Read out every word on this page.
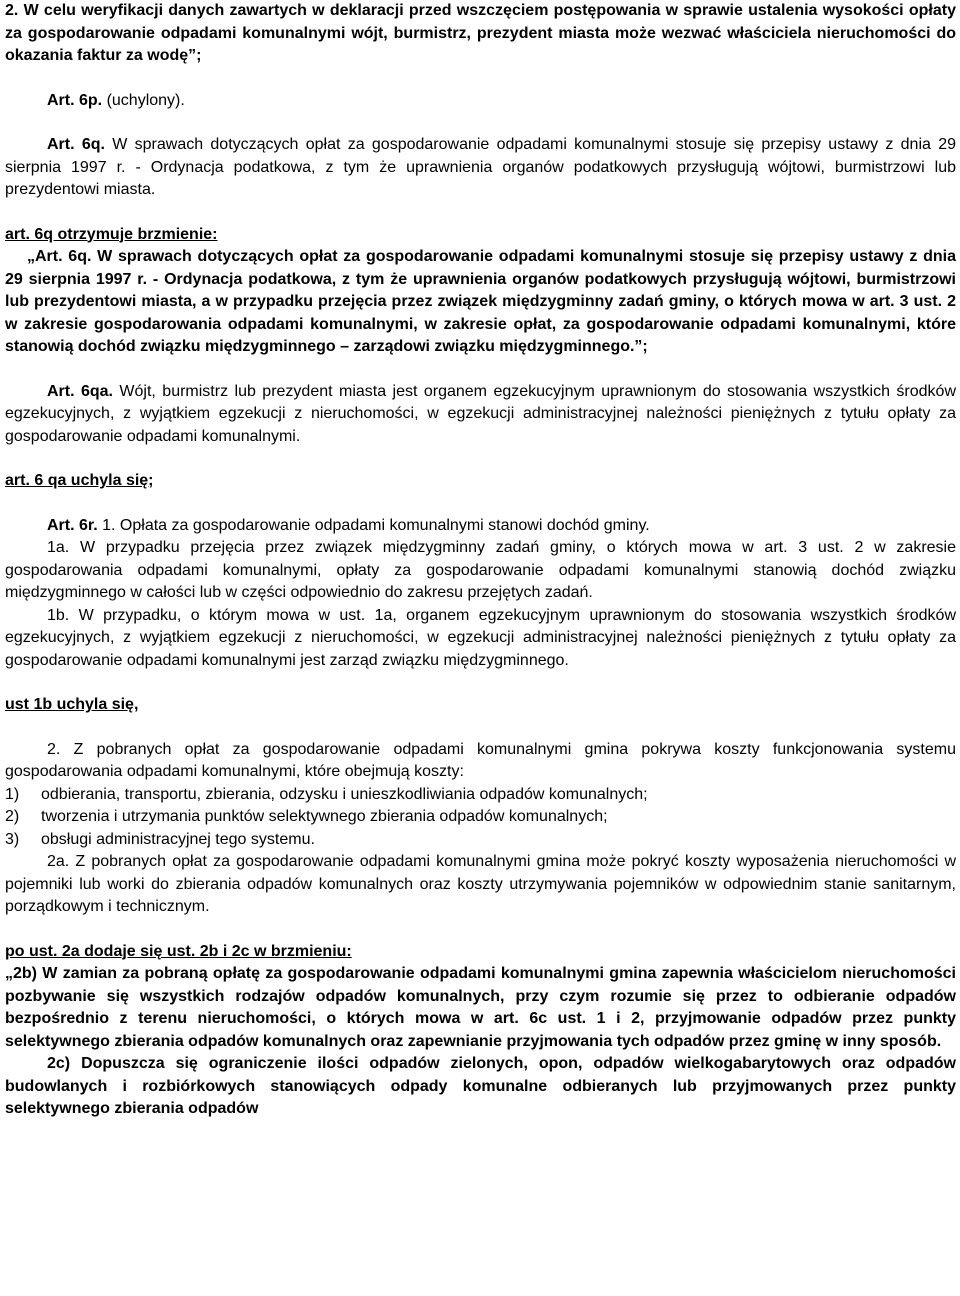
2. W celu weryfikacji danych zawartych w deklaracji przed wszczęciem postępowania w sprawie ustalenia wysokości opłaty za gospodarowanie odpadami komunalnymi wójt, burmistrz, prezydent miasta może wezwać właściciela nieruchomości do okazania faktur za wodę”;

Art. 6p. (uchylony).

Art. 6q. W sprawach dotyczących opłat za gospodarowanie odpadami komunalnymi stosuje się przepisy ustawy z dnia 29 sierpnia 1997 r. - Ordynacja podatkowa, z tym że uprawnienia organów podatkowych przysługują wójtowi, burmistrzowi lub prezydentowi miasta.

art. 6q otrzymuje brzmienie:

„Art. 6q. W sprawach dotyczących opłat za gospodarowanie odpadami komunalnymi stosuje się przepisy ustawy z dnia 29 sierpnia 1997 r. - Ordynacja podatkowa, z tym że uprawnienia organów podatkowych przysługują wójtowi, burmistrzowi lub prezydentowi miasta, a w przypadku przejęcia przez związek międzygminny zadań gminy, o których mowa w art. 3 ust. 2 w zakresie gospodarowania odpadami komunalnymi, w zakresie opłat, za gospodarowanie odpadami komunalnymi, które stanowią dochód związku międzygminnego – zarządowi związku międzygminnego.”;

Art. 6qa. Wójt, burmistrz lub prezydent miasta jest organem egzekucyjnym uprawnionym do stosowania wszystkich środków egzekucyjnych, z wyjątkiem egzekucji z nieruchomości, w egzekucji administracyjnej należności pieniężnych z tytułu opłaty za gospodarowanie odpadami komunalnymi.

art. 6 qa uchyla się;

Art. 6r. 1. Opłata za gospodarowanie odpadami komunalnymi stanowi dochód gminy.

1a. W przypadku przejęcia przez związek międzygminny zadań gminy, o których mowa w art. 3 ust. 2 w zakresie gospodarowania odpadami komunalnymi, opłaty za gospodarowanie odpadami komunalnymi stanowią dochód związku międzygminnego w całości lub w części odpowiednio do zakresu przejętych zadań.

1b. W przypadku, o którym mowa w ust. 1a, organem egzekucyjnym uprawnionym do stosowania wszystkich środków egzekucyjnych, z wyjątkiem egzekucji z nieruchomości, w egzekucji administracyjnej należności pieniężnych z tytułu opłaty za gospodarowanie odpadami komunalnymi jest zarząd związku międzygminnego.

ust 1b uchyla się,

2. Z pobranych opłat za gospodarowanie odpadami komunalnymi gmina pokrywa koszty funkcjonowania systemu gospodarowania odpadami komunalnymi, które obejmują koszty:

1) odbierania, transportu, zbierania, odzysku i unieszkodliwiania odpadów komunalnych;

2) tworzenia i utrzymania punktów selektywnego zbierania odpadów komunalnych;

3) obsługi administracyjnej tego systemu.

2a. Z pobranych opłat za gospodarowanie odpadami komunalnymi gmina może pokryć koszty wyposażenia nieruchomości w pojemniki lub worki do zbierania odpadów komunalnych oraz koszty utrzymywania pojemników w odpowiednim stanie sanitarnym, porządkowym i technicznym.

po ust. 2a dodaje się ust. 2b i 2c w brzmieniu:

„2b) W zamian za pobraną opłatę za gospodarowanie odpadami komunalnymi gmina zapewnia właścicielom nieruchomości pozbywanie się wszystkich rodzajów odpadów komunalnych, przy czym rozumie się przez to odbieranie odpadów bezpośrednio z terenu nieruchomości, o których mowa w art. 6c ust. 1 i 2, przyjmowanie odpadów przez punkty selektywnego zbierania odpadów komunalnych oraz zapewnianie przyjmowania tych odpadów przez gminę w inny sposób.

2c) Dopuszcza się ograniczenie ilości odpadów zielonych, opon, odpadów wielkogabarytowych oraz odpadów budowlanych i rozbiórkowych stanowiących odpady komunalne odbieranych lub przyjmowanych przez punkty selektywnego zbierania odpadów
